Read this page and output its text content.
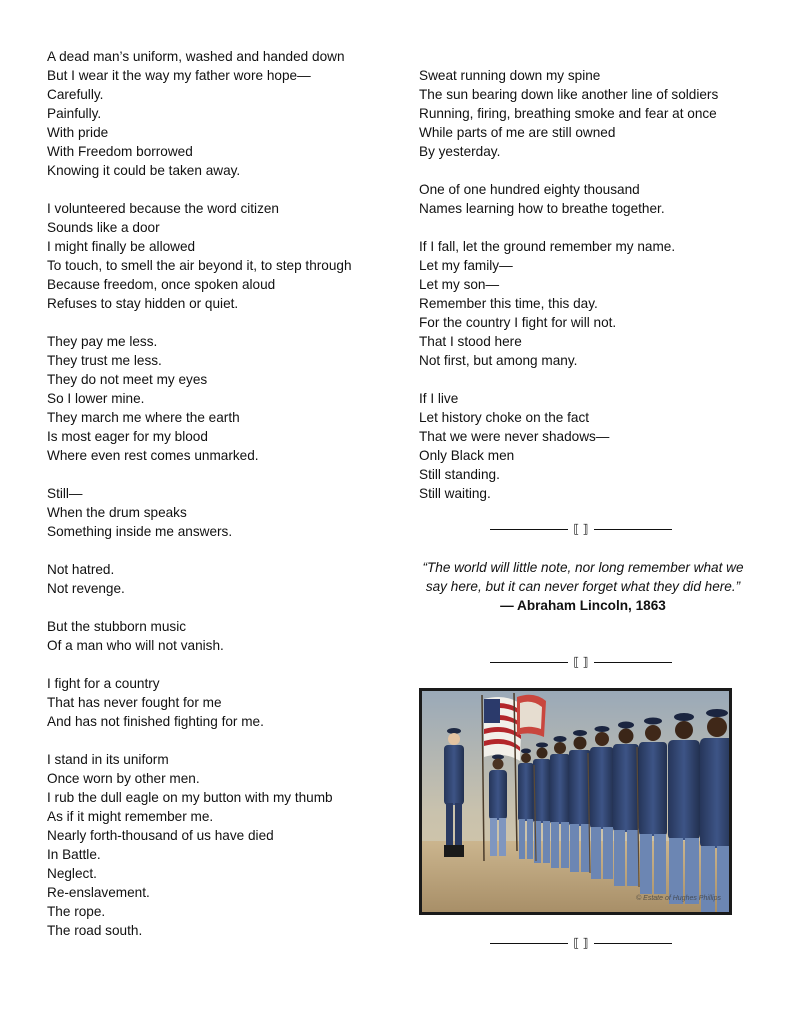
A dead man’s uniform, washed and handed down
But I wear it the way my father wore hope—
Carefully.
Painfully.
With pride
With Freedom borrowed
Knowing it could be taken away.
I volunteered because the word citizen
Sounds like a door
I might finally be allowed
To touch, to smell the air beyond it, to step through
Because freedom, once spoken aloud
Refuses to stay hidden or quiet.
They pay me less.
They trust me less.
They do not meet my eyes
So I lower mine.
They march me where the earth
Is most eager for my blood
Where even rest comes unmarked.
Still—
When the drum speaks
Something inside me answers.
Not hatred.
Not revenge.
But the stubborn music
Of a man who will not vanish.
I fight for a country
That has never fought for me
And has not finished fighting for me.
I stand in its uniform
Once worn by other men.
I rub the dull eagle on my button with my thumb
As if it might remember me.
Nearly forth-thousand of us have died
In Battle.
Neglect.
Re-enslavement.
The rope.
The road south.
Sweat running down my spine
The sun bearing down like another line of soldiers
Running, firing, breathing smoke and fear at once
While parts of me are still owned
By yesterday.
One of one hundred eighty thousand
Names learning how to breathe together.
If I fall, let the ground remember my name.
Let my family—
Let my son—
Remember this time, this day.
For the country I fight for will not.
That I stood here
Not first, but among many.
If I live
Let history choke on the fact
That we were never shadows—
Only Black men
Still standing.
Still waiting.
⟦ ⟧
“The world will little note, nor long remember what we say here, but it can never forget what they did here.”
— Abraham Lincoln, 1863
⟦ ⟧
© Estate of Hughes Phillips
⟦ ⟧
